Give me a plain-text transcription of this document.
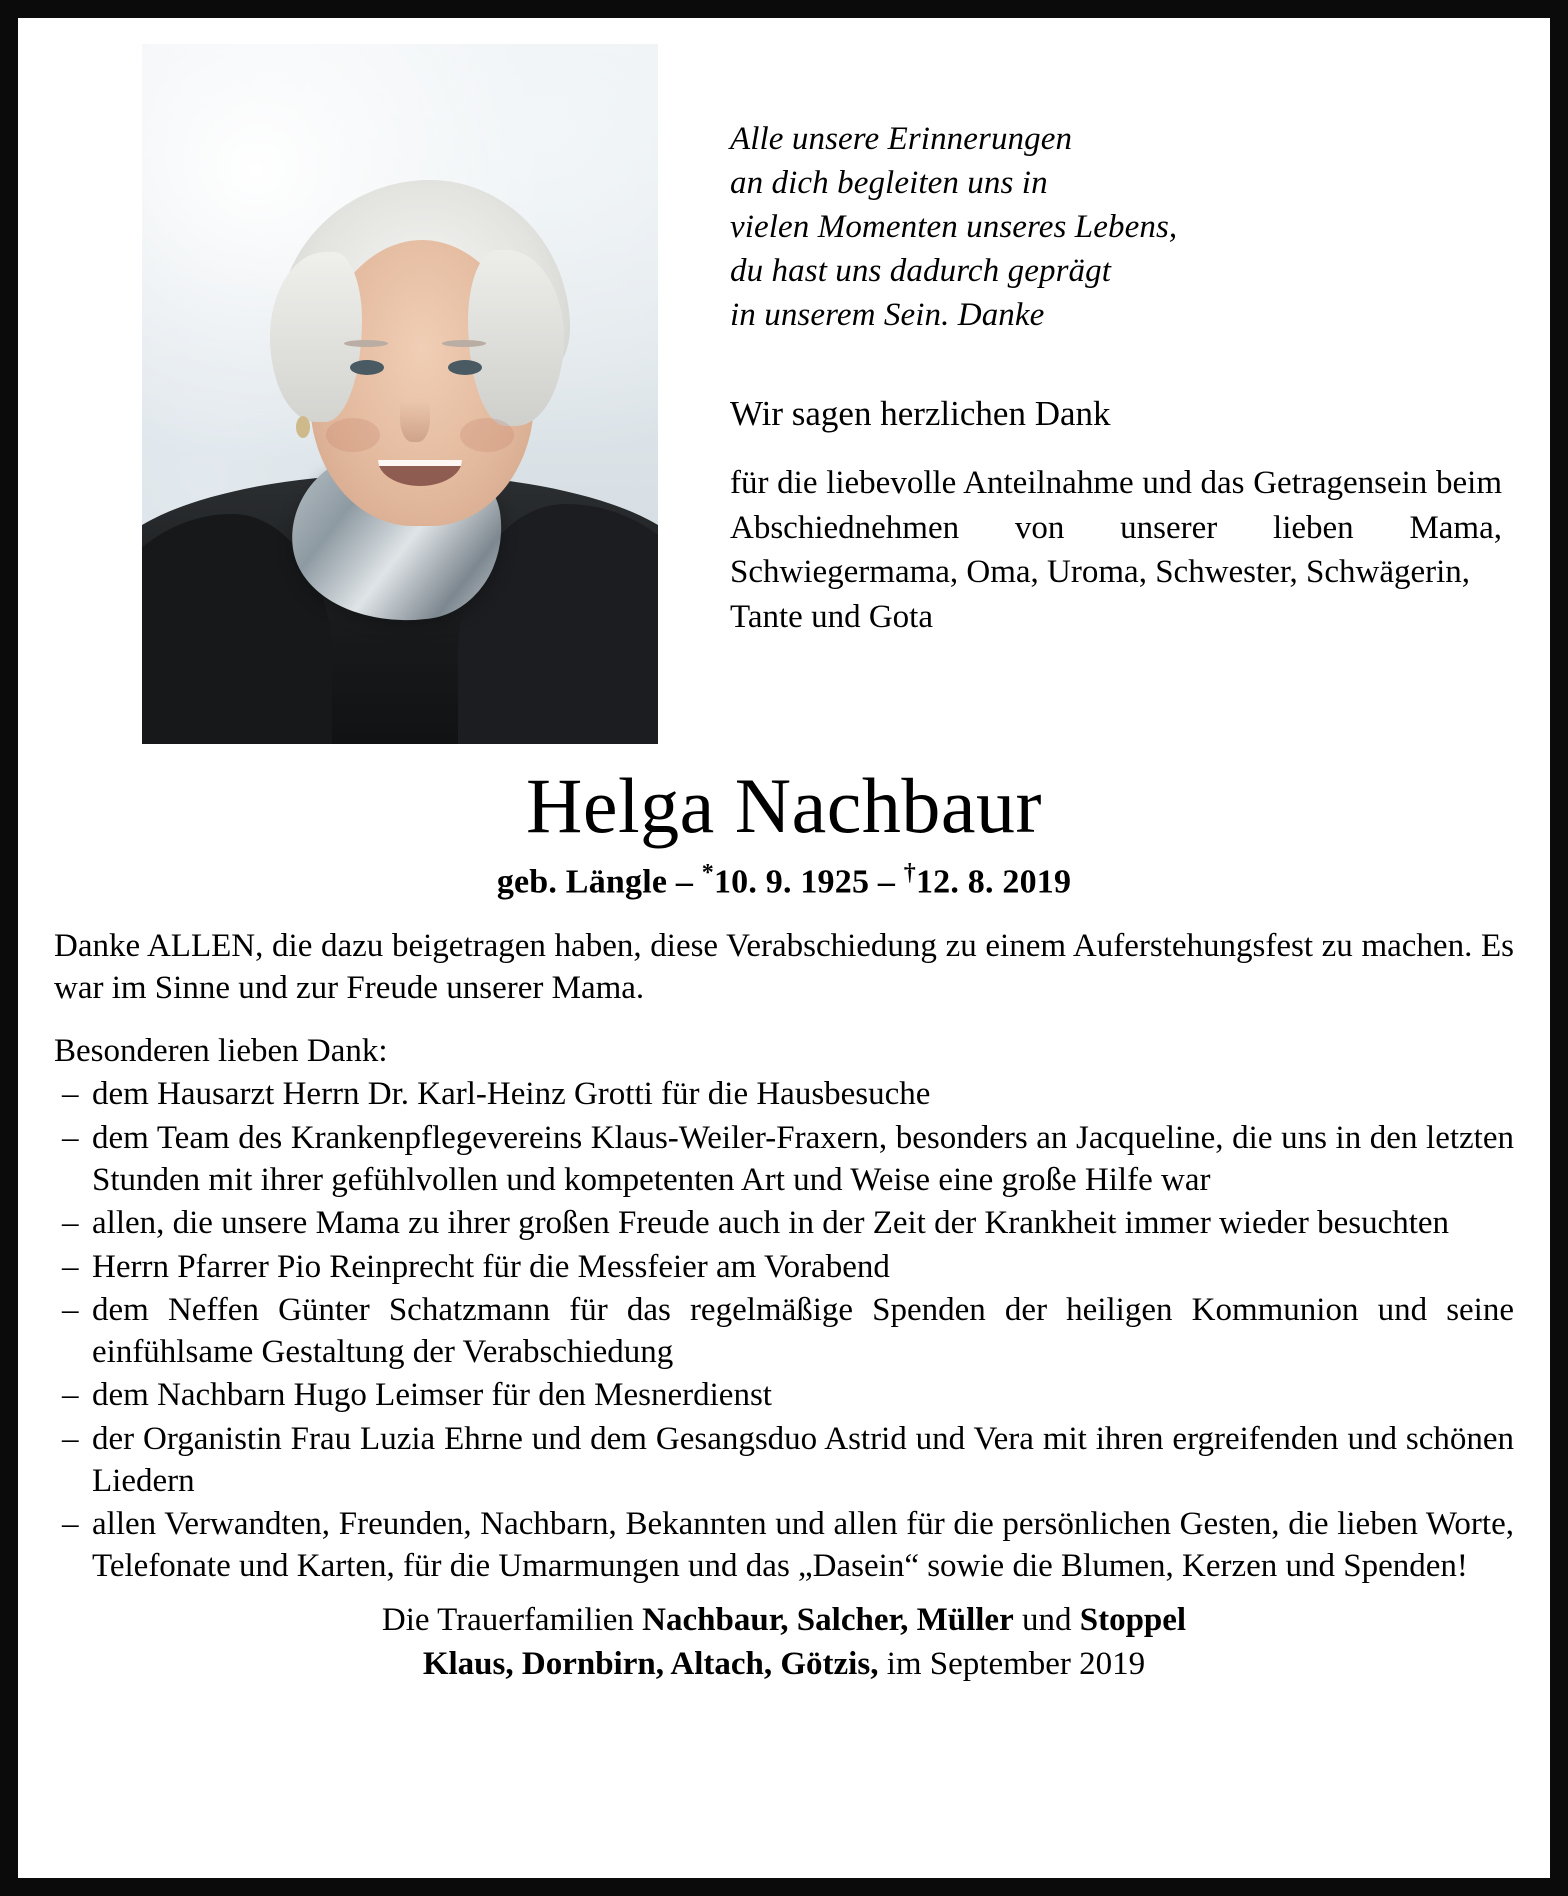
Alle unsere Erinnerungen
an dich begleiten uns in
vielen Momenten unseres Lebens,
du hast uns dadurch geprägt
in unserem Sein. Danke
Wir sagen herzlichen Dank
für die liebevolle Anteilnahme und das Getragensein beim Abschiednehmen von unserer lieben Mama, Schwiegermama, Oma, Uroma, Schwester, Schwägerin,
Tante und Gota
Helga Nachbaur
geb. Längle – *10. 9. 1925 – †12. 8. 2019
Danke ALLEN, die dazu beigetragen haben, diese Verabschiedung zu einem Auferstehungsfest zu machen. Es war im Sinne und zur Freude unserer Mama.
Besonderen lieben Dank:
– dem Hausarzt Herrn Dr. Karl-Heinz Grotti für die Hausbesuche
– dem Team des Krankenpflegevereins Klaus-Weiler-Fraxern, besonders an Jacqueline, die uns in den letzten Stunden mit ihrer gefühlvollen und kompetenten Art und Weise eine große Hilfe war
– allen, die unsere Mama zu ihrer großen Freude auch in der Zeit der Krankheit immer wieder besuchten
– Herrn Pfarrer Pio Reinprecht für die Messfeier am Vorabend
– dem Neffen Günter Schatzmann für das regelmäßige Spenden der heiligen Kommunion und seine einfühlsame Gestaltung der Verabschiedung
– dem Nachbarn Hugo Leimser für den Mesnerdienst
– der Organistin Frau Luzia Ehrne und dem Gesangsduo Astrid und Vera mit ihren ergreifenden und schönen Liedern
– allen Verwandten, Freunden, Nachbarn, Bekannten und allen für die persönlichen Gesten, die lieben Worte, Telefonate und Karten, für die Umarmungen und das „Dasein“ sowie die Blumen, Kerzen und Spenden!
Die Trauerfamilien Nachbaur, Salcher, Müller und Stoppel
Klaus, Dornbirn, Altach, Götzis, im September 2019
